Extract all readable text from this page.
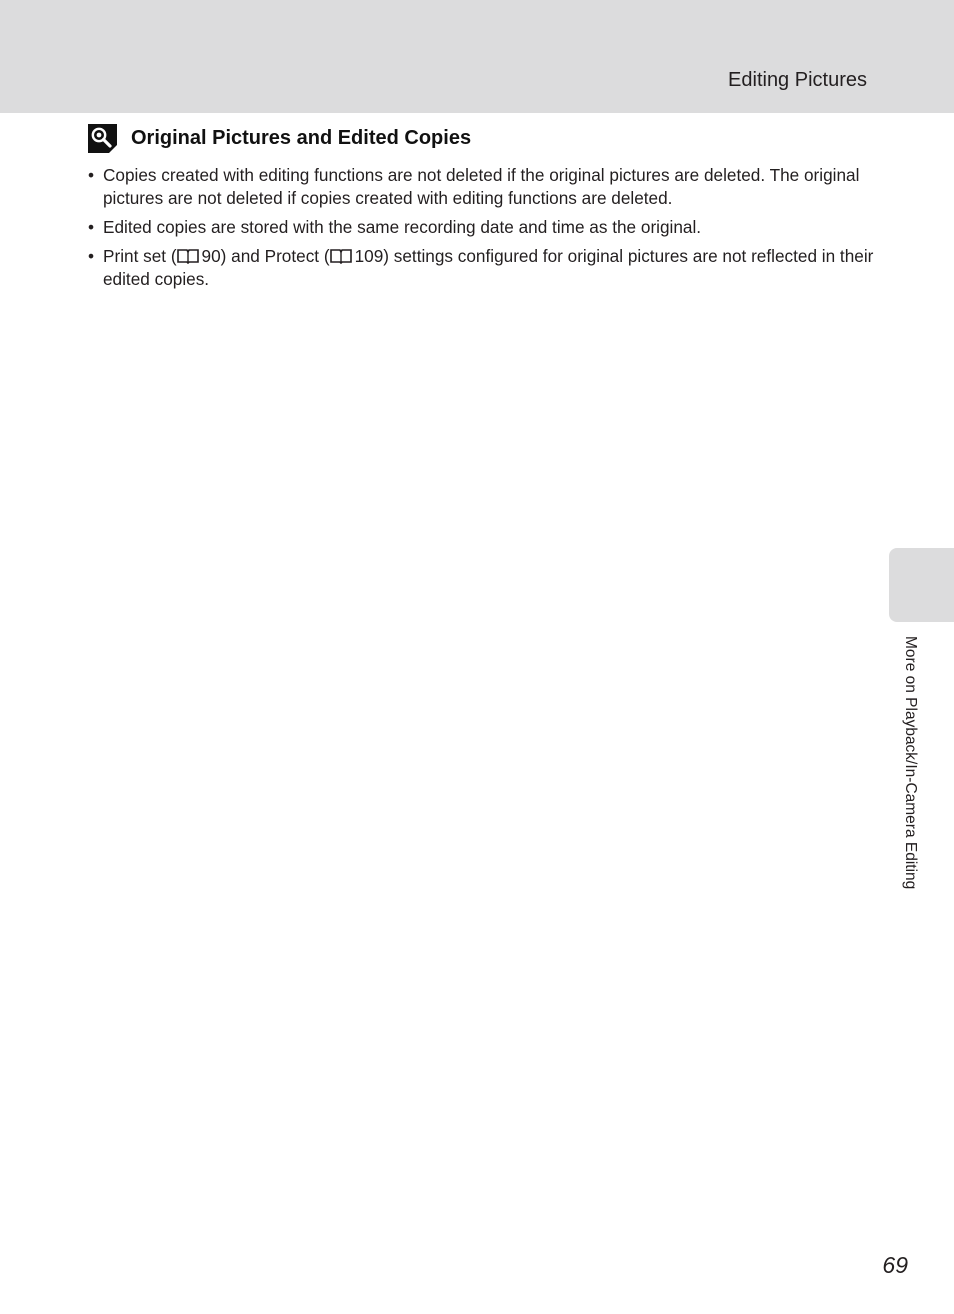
Editing Pictures
Original Pictures and Edited Copies
• Copies created with editing functions are not deleted if the original pictures are deleted. The original pictures are not deleted if copies created with editing functions are deleted.
• Edited copies are stored with the same recording date and time as the original.
• Print set ( 90) and Protect ( 109) settings configured for original pictures are not reflected in their edited copies.
More on Playback/In-Camera Editing
69
